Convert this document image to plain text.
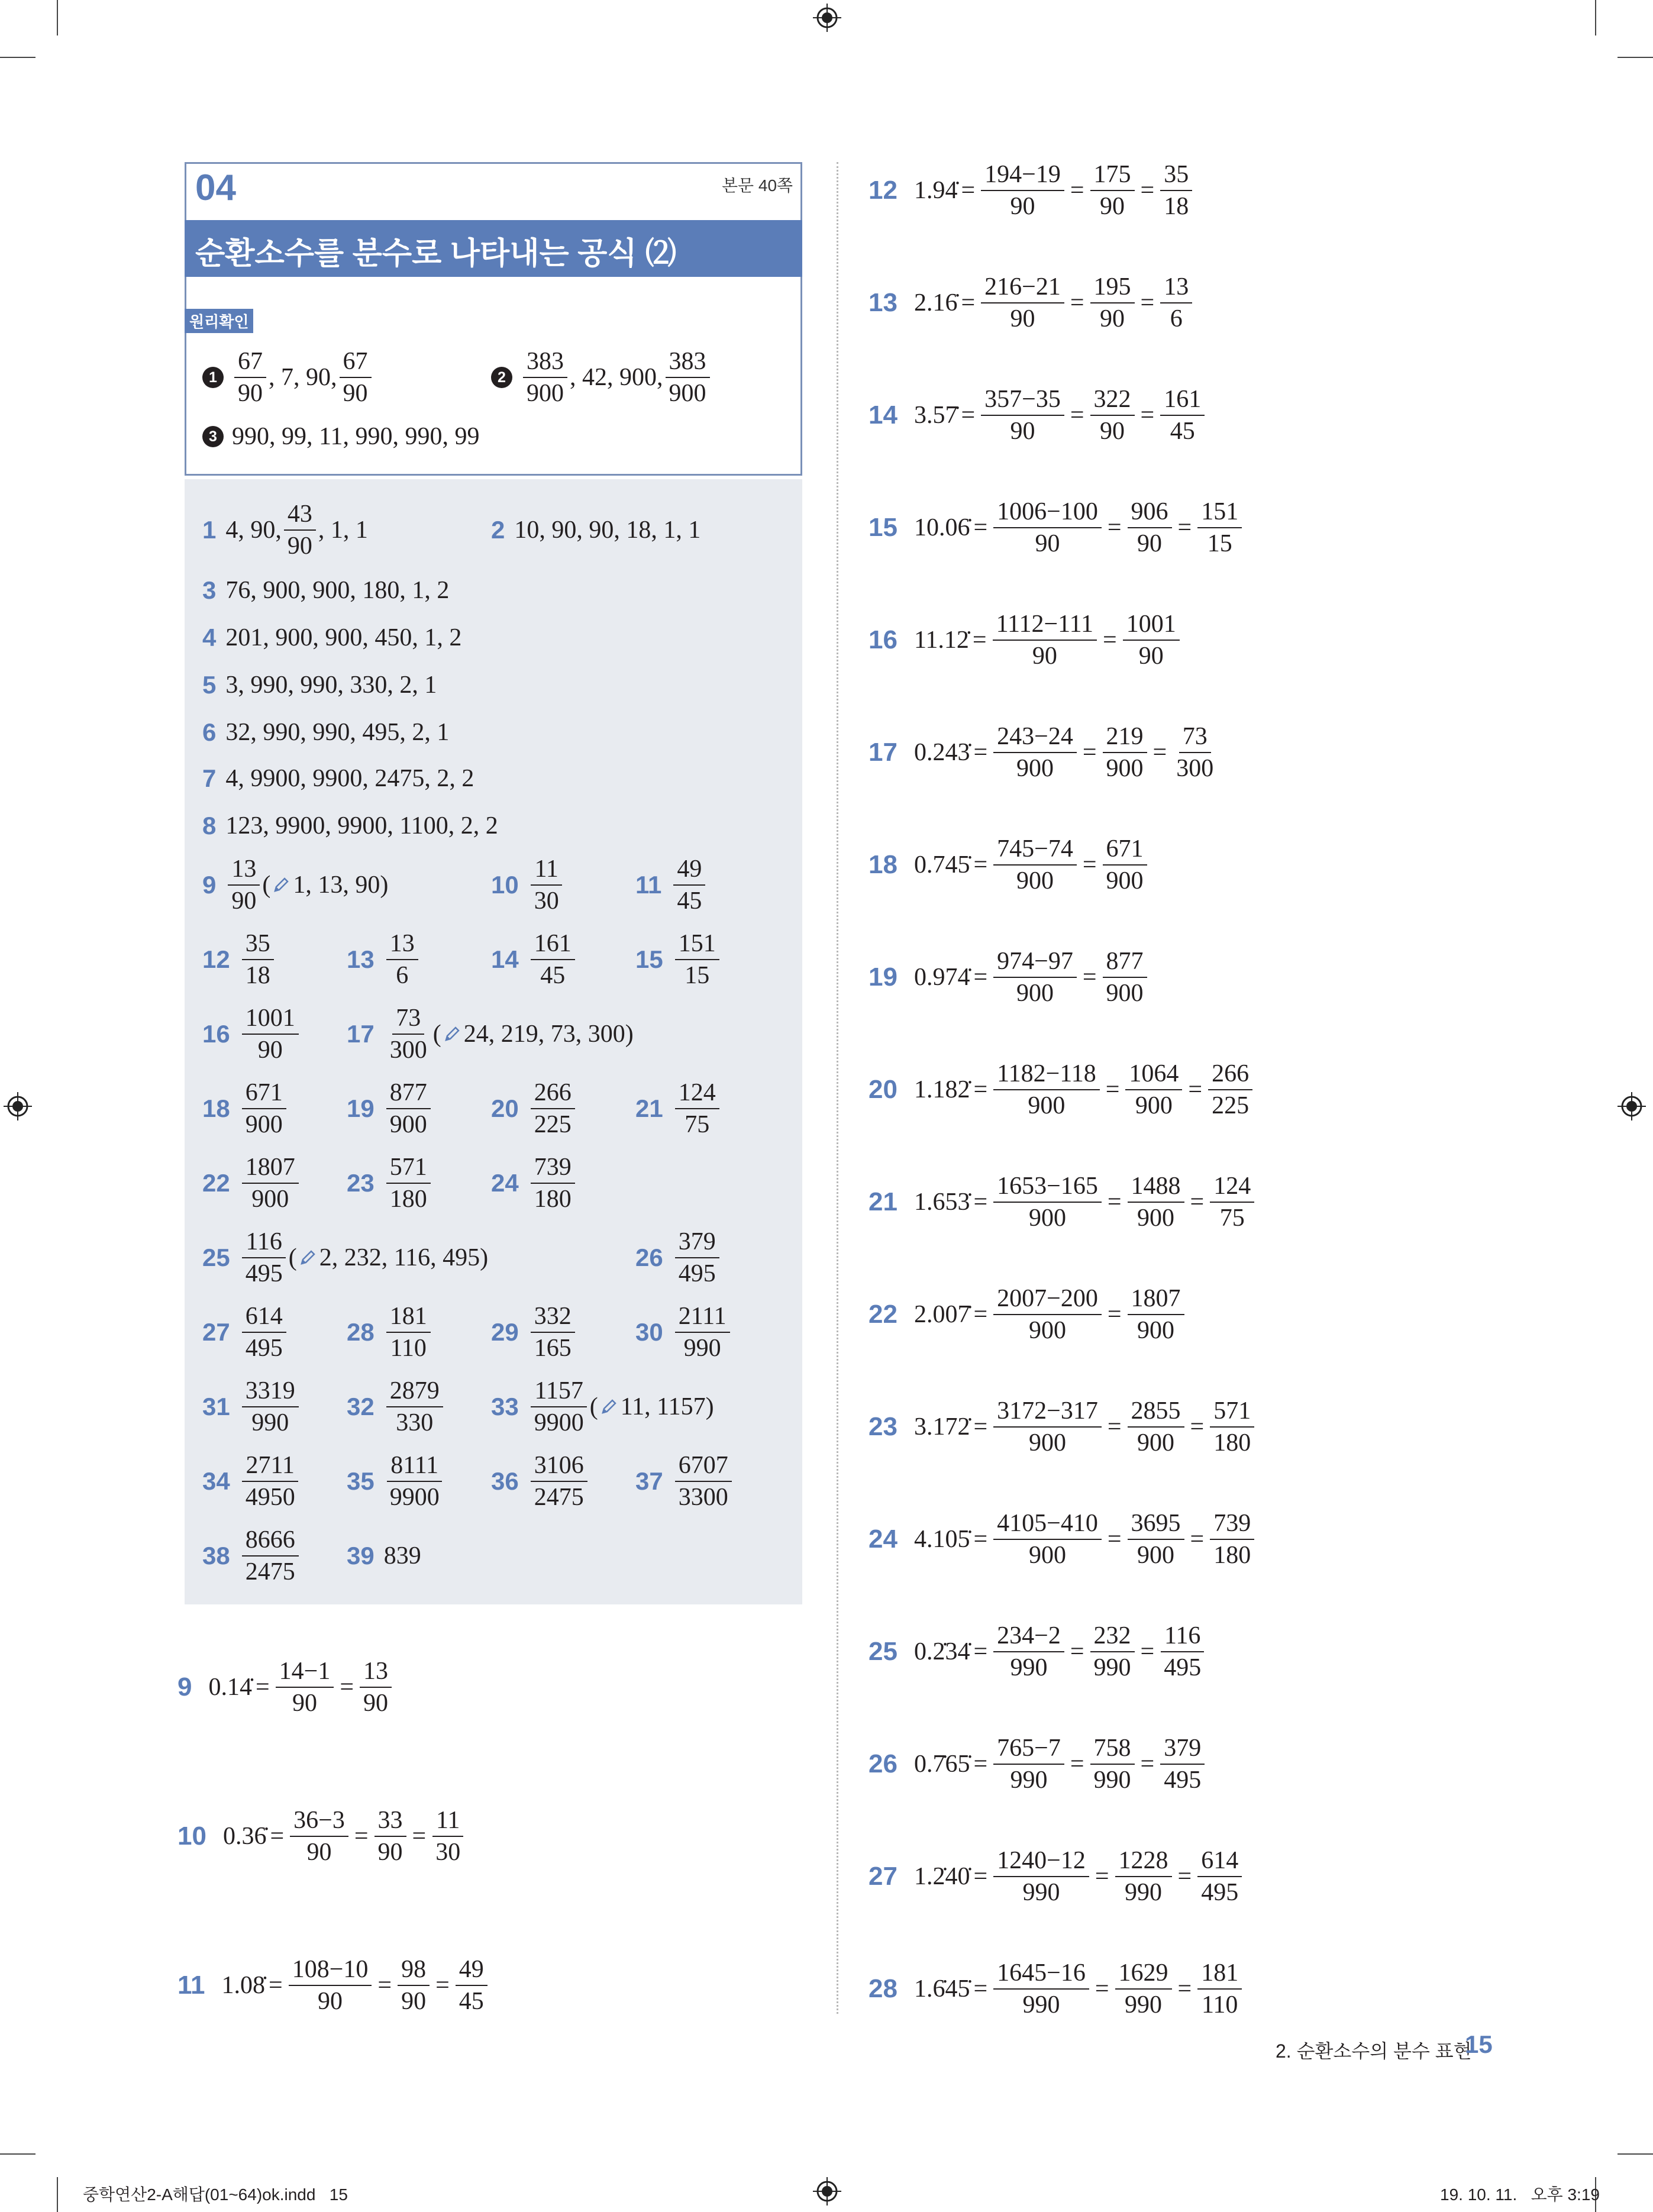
04	본문 40쪽
순환소수를 분수로 나타내는 공식 ⑵
원리확인
$1 \frac{67}{90}$ , 7, 90, $\frac{67}{90}$	$2 \frac{383}{900}$ , 42, 900, $\frac{383}{900}$
3 990, 99, 11, 990, 990, 99
1 4, 90, $\frac{43}{90}$ , 1, 1	2 10, 90, 90, 18, 1, 1
3 76, 900, 900, 180, 1, 2
4 201, 900, 900, 450, 1, 2
5 3, 990, 990, 330, 2, 1
6 32, 990, 990, 495, 2, 1
7 4, 9900, 9900, 2475, 2, 2
8 123, 9900, 9900, 1100, 2, 2
$9 \frac{13}{90}$ ( 1, 13, 90)	$10 \frac{11}{30}$	$11 \frac{49}{45}$
$12 \frac{35}{18}$	$13 \frac{13}{6}$	$14 \frac{161}{45} 15 \frac{151}{15}$
$16 \frac{1001}{90} 17 \frac{73}{300}$ ( 24, 219, 73, 300)
$18 \frac{671}{900} 19 \frac{877}{900} 20 \frac{266}{225} 21 \frac{124}{75}$
$22 \frac{1807}{900} 23 \frac{571}{180} 24 \frac{739}{180}$
$25 \frac{116}{495}$ ( 2, 232, 116, 495)	$26 \frac{379}{495}$
$27 \frac{614}{495} 28 \frac{181}{110} 29 \frac{332}{165} 30 \frac{2111}{990}$
$31 \frac{3319}{990} 32 \frac{2879}{330} 33 \frac{1157}{9900}$ ( 11, 1157)
$34 \frac{2711}{4950} 35 \frac{8111}{9900} 36 \frac{3106}{2475} 37 \frac{6707}{3300}$
$38 \frac{8666}{2475} 39$ 839
9 0.14̇ = $\frac{14-1}{90} = \frac{13}{90}$
10 0.36̇ = $\frac{36-3}{90} = \frac{33}{90} = \frac{11}{30}$
11 1.08̇ = $\frac{108-10}{90} = \frac{98}{90} = \frac{49}{45}$
12 1.94̇ = $\frac{194-19}{90} = \frac{175}{90} = \frac{35}{18}$
13 2.16̇ = $\frac{216-21}{90} = \frac{195}{90} = \frac{13}{6}$
14 3.57̇ = $\frac{357-35}{90} = \frac{322}{90} = \frac{161}{45}$
15 10.06̇ = $\frac{1006-100}{90} = \frac{906}{90} = \frac{151}{15}$
16 11.12̇ = $\frac{1112-111}{90} = \frac{1001}{90}$
17 0.243̇ = $\frac{243-24}{900} = \frac{219}{900} = \frac{73}{300}$
18 0.745̇ = $\frac{745-74}{900} = \frac{671}{900}$
19 0.974̇ = $\frac{974-97}{900} = \frac{877}{900}$
20 1.182̇ = $\frac{1182-118}{900} = \frac{1064}{900} = \frac{266}{225}$
21 1.653̇ = $\frac{1653-165}{900} = \frac{1488}{900} = \frac{124}{75}$
22 2.007̇ = $\frac{2007-200}{900} = \frac{1807}{900}$
23 3.172̇ = $\frac{3172-317}{900} = \frac{2855}{900} = \frac{571}{180}$
24 4.105̇ = $\frac{4105-410}{900} = \frac{3695}{900} = \frac{739}{180}$
25 0.2̇34̇ = $\frac{234-2}{990} = \frac{232}{990} = \frac{116}{495}$
26 0.7̇65̇ = $\frac{765-7}{990} = \frac{758}{990} = \frac{379}{495}$
27 1.2̇40̇ = $\frac{1240-12}{990} = \frac{1228}{990} = \frac{614}{495}$
28 1.6̇45̇ = $\frac{1645-16}{990} = \frac{1629}{990} = \frac{181}{110}$
2. 순환소수의 분수 표현
15
중학연산2-A해답(01~64)ok.indd   15	19. 10. 11.   오후 3:19
